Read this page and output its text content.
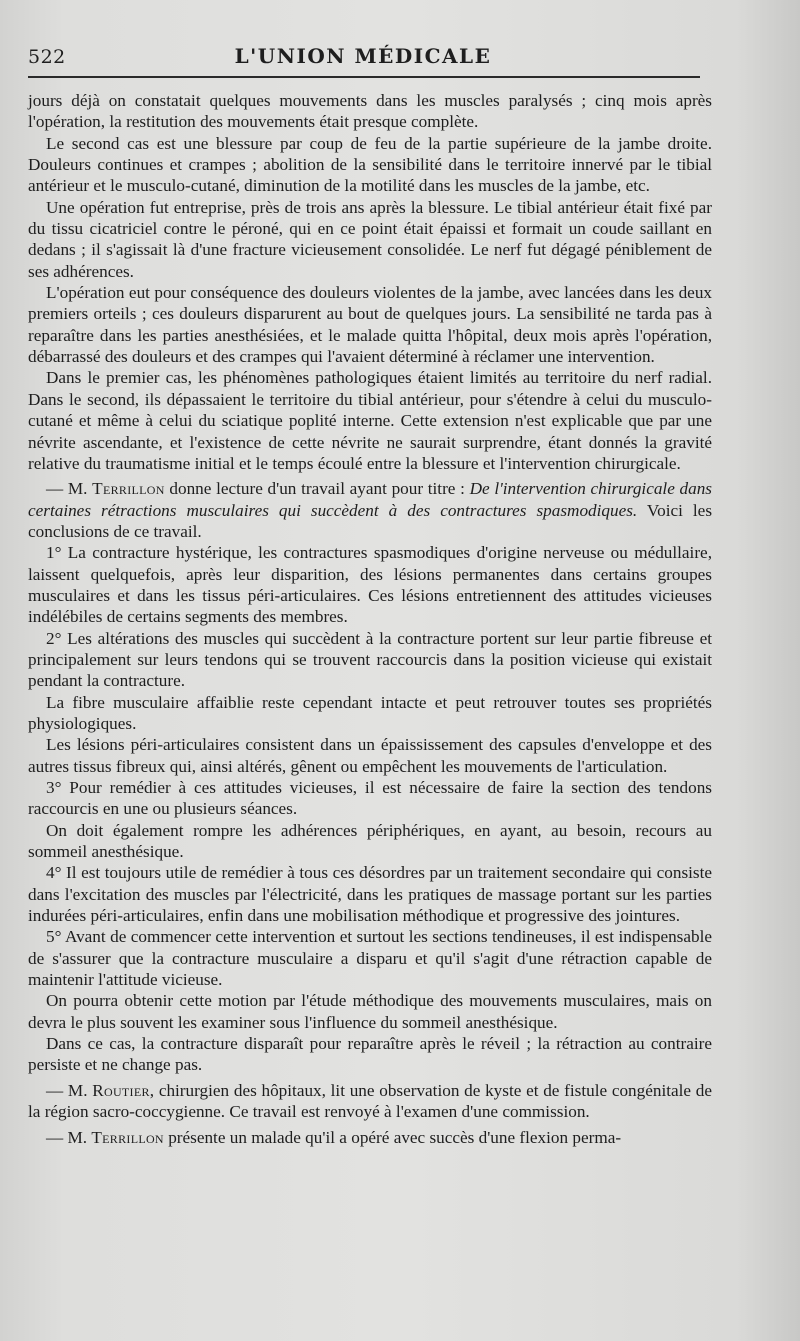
522	L'UNION MÉDICALE

jours déjà on constatait quelques mouvements dans les muscles paralysés ; cinq mois après l'opération, la restitution des mouvements était presque complète.

Le second cas est une blessure par coup de feu de la partie supérieure de la jambe droite. Douleurs continues et crampes ; abolition de la sensibilité dans le territoire innervé par le tibial antérieur et le musculo-cutané, diminution de la motilité dans les muscles de la jambe, etc.

Une opération fut entreprise, près de trois ans après la blessure. Le tibial antérieur était fixé par du tissu cicatriciel contre le péroné, qui en ce point était épaissi et formait un coude saillant en dedans ; il s'agissait là d'une fracture vicieusement consolidée. Le nerf fut dégagé péniblement de ses adhérences.

L'opération eut pour conséquence des douleurs violentes de la jambe, avec lancées dans les deux premiers orteils ; ces douleurs disparurent au bout de quelques jours. La sensibilité ne tarda pas à reparaître dans les parties anesthésiées, et le malade quitta l'hôpital, deux mois après l'opération, débarrassé des douleurs et des crampes qui l'avaient déterminé à réclamer une intervention.

Dans le premier cas, les phénomènes pathologiques étaient limités au territoire du nerf radial. Dans le second, ils dépassaient le territoire du tibial antérieur, pour s'étendre à celui du musculo-cutané et même à celui du sciatique poplité interne. Cette extension n'est explicable que par une névrite ascendante, et l'existence de cette névrite ne saurait surprendre, étant donnés la gravité relative du traumatisme initial et le temps écoulé entre la blessure et l'intervention chirurgicale.

— M. Terrillon donne lecture d'un travail ayant pour titre : De l'intervention chirurgicale dans certaines rétractions musculaires qui succèdent à des contractures spasmodiques. Voici les conclusions de ce travail.

1° La contracture hystérique, les contractures spasmodiques d'origine nerveuse ou médullaire, laissent quelquefois, après leur disparition, des lésions permanentes dans certains groupes musculaires et dans les tissus péri-articulaires. Ces lésions entretiennent des attitudes vicieuses indélébiles de certains segments des membres.

2° Les altérations des muscles qui succèdent à la contracture portent sur leur partie fibreuse et principalement sur leurs tendons qui se trouvent raccourcis dans la position vicieuse qui existait pendant la contracture.

La fibre musculaire affaiblie reste cependant intacte et peut retrouver toutes ses propriétés physiologiques.

Les lésions péri-articulaires consistent dans un épaississement des capsules d'enveloppe et des autres tissus fibreux qui, ainsi altérés, gênent ou empêchent les mouvements de l'articulation.

3° Pour remédier à ces attitudes vicieuses, il est nécessaire de faire la section des tendons raccourcis en une ou plusieurs séances.

On doit également rompre les adhérences périphériques, en ayant, au besoin, recours au sommeil anesthésique.

4° Il est toujours utile de remédier à tous ces désordres par un traitement secondaire qui consiste dans l'excitation des muscles par l'électricité, dans les pratiques de massage portant sur les parties indurées péri-articulaires, enfin dans une mobilisation méthodique et progressive des jointures.

5° Avant de commencer cette intervention et surtout les sections tendineuses, il est indispensable de s'assurer que la contracture musculaire a disparu et qu'il s'agit d'une rétraction capable de maintenir l'attitude vicieuse.

On pourra obtenir cette motion par l'étude méthodique des mouvements musculaires, mais on devra le plus souvent les examiner sous l'influence du sommeil anesthésique.

Dans ce cas, la contracture disparaît pour reparaître après le réveil ; la rétraction au contraire persiste et ne change pas.

— M. Routier, chirurgien des hôpitaux, lit une observation de kyste et de fistule congénitale de la région sacro-coccygienne. Ce travail est renvoyé à l'examen d'une commission.

— M. Terrillon présente un malade qu'il a opéré avec succès d'une flexion perma-
